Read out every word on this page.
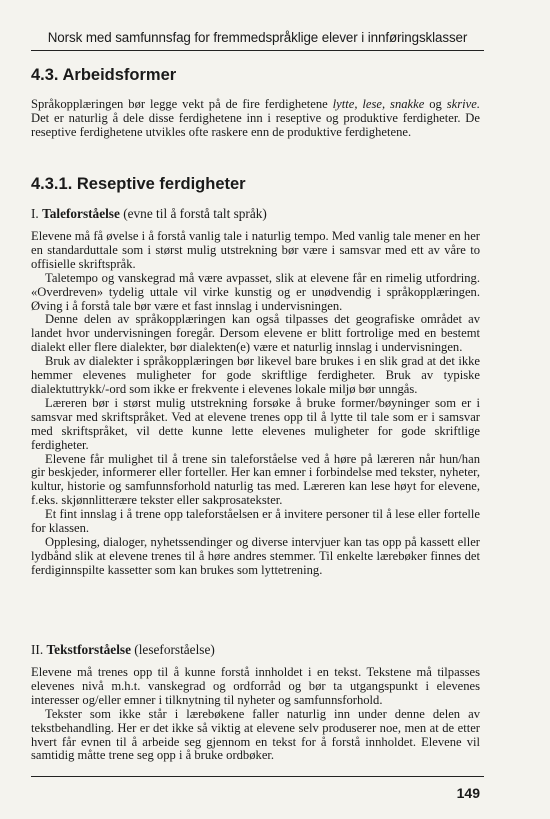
Norsk med samfunnsfag for fremmedspråklige elever i innføringsklasser
4.3. Arbeidsformer

Språkopplæringen bør legge vekt på de fire ferdighetene lytte, lese, snakke og skrive. Det er naturlig å dele disse ferdighetene inn i reseptive og produktive ferdigheter. De reseptive ferdighetene utvikles ofte raskere enn de produktive ferdighetene.

4.3.1. Reseptive ferdigheter
I. Taleforståelse (evne til å forstå talt språk)

Elevene må få øvelse i å forstå vanlig tale i naturlig tempo. Med vanlig tale mener en her en standarduttale som i størst mulig utstrekning bør være i samsvar med ett av våre to offisielle skriftspråk.

Taletempo og vanskegrad må være avpasset, slik at elevene får en rimelig utfordring. «Overdreven» tydelig uttale vil virke kunstig og er unødvendig i språkopplæringen. Øving i å forstå tale bør være et fast innslag i undervisningen.

Denne delen av språkopplæringen kan også tilpasses det geografiske området av landet hvor undervisningen foregår. Dersom elevene er blitt fortrolige med en bestemt dialekt eller flere dialekter, bør dialekten(e) være et naturlig innslag i undervisningen.

Bruk av dialekter i språkopplæringen bør likevel bare brukes i en slik grad at det ikke hemmer elevenes muligheter for gode skriftlige ferdigheter. Bruk av typiske dialektuttrykk/-ord som ikke er frekvente i elevenes lokale miljø bør unngås.

Læreren bør i størst mulig utstrekning forsøke å bruke former/bøyninger som er i samsvar med skriftspråket. Ved at elevene trenes opp til å lytte til tale som er i samsvar med skriftspråket, vil dette kunne lette elevenes muligheter for gode skriftlige ferdigheter.

Elevene får mulighet til å trene sin taleforståelse ved å høre på læreren når hun/han gir beskjeder, informerer eller forteller. Her kan emner i forbindelse med tekster, nyheter, kultur, historie og samfunnsforhold naturlig tas med. Læreren kan lese høyt for elevene, f.eks. skjønnlitterære tekster eller sakprosatekster.

Et fint innslag i å trene opp taleforståelsen er å invitere personer til å lese eller fortelle for klassen.

Opplesing, dialoger, nyhetssendinger og diverse intervjuer kan tas opp på kassett eller lydbånd slik at elevene trenes til å høre andres stemmer. Til enkelte lærebøker finnes det ferdiginnspilte kassetter som kan brukes som lyttetrening.

II. Tekstforståelse (leseforståelse)

Elevene må trenes opp til å kunne forstå innholdet i en tekst. Tekstene må tilpasses elevenes nivå m.h.t. vanskegrad og ordforråd og bør ta utgangspunkt i elevenes interesser og/eller emner i tilknytning til nyheter og samfunnsforhold.

Tekster som ikke står i lærebøkene faller naturlig inn under denne delen av tekstbehandling. Her er det ikke så viktig at elevene selv produserer noe, men at de etter hvert får evnen til å arbeide seg gjennom en tekst for å forstå innholdet. Elevene vil samtidig måtte trene seg opp i å bruke ordbøker.

149
